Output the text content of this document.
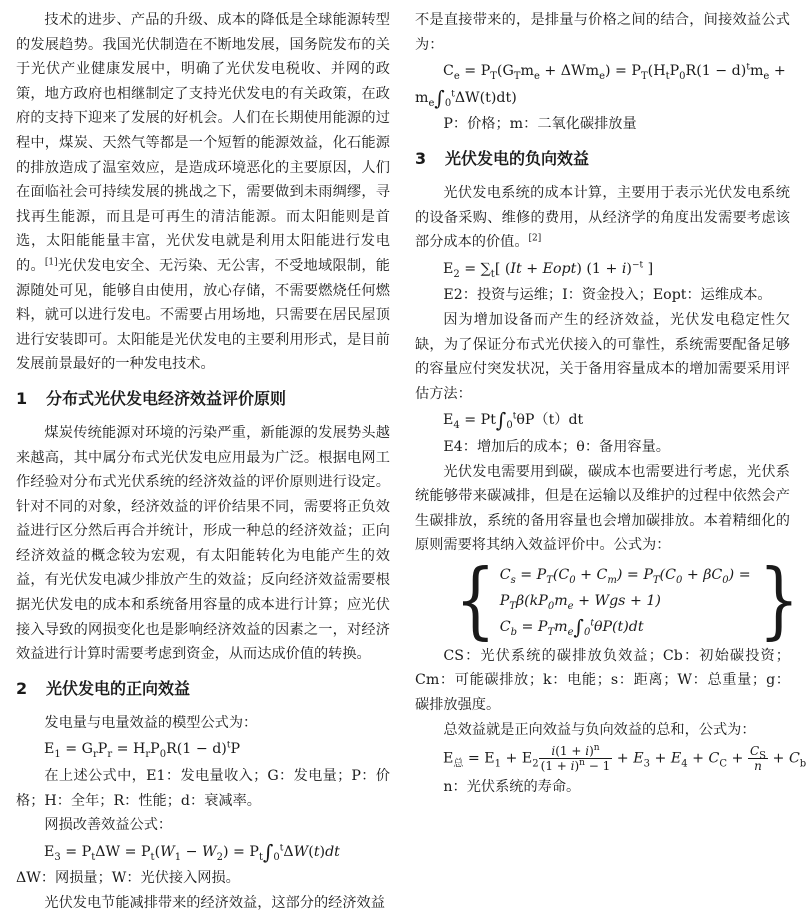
技术的进步、产品的升级、成本的降低是全球能源转型的发展趋势。我国光伏制造在不断地发展，国务院发布的关于光伏产业健康发展中，明确了光伏发电税收、并网的政策，地方政府也相继制定了支持光伏发电的有关政策，在政府的支持下迎来了发展的好机会。人们在长期使用能源的过程中，煤炭、天然气等都是一个短暂的能源效益，化石能源的排放造成了温室效应，是造成环境恶化的主要原因，人们在面临社会可持续发展的挑战之下，需要做到未雨绸缪，寻找再生能源，而且是可再生的清洁能源。而太阳能则是首选，太阳能能量丰富，光伏发电就是利用太阳能进行发电的。[1]光伏发电安全、无污染、无公害，不受地域限制，能源随处可见，能够自由使用，放心存储，不需要燃烧任何燃料，就可以进行发电。不需要占用场地，只需要在居民屋顶进行安装即可。太阳能是光伏发电的主要利用形式，是目前发展前景最好的一种发电技术。

1 分布式光伏发电经济效益评价原则

煤炭传统能源对环境的污染严重，新能源的发展势头越来越高，其中属分布式光伏发电应用最为广泛。根据电网工作经验对分布式光伏系统的经济效益的评价原则进行设定。针对不同的对象，经济效益的评价结果不同，需要将正负效益进行区分然后再合并统计，形成一种总的经济效益；正向经济效益的概念较为宏观，有太阳能转化为电能产生的效益，有光伏发电减少排放产生的效益；反向经济效益需要根据光伏发电的成本和系统备用容量的成本进行计算；应光伏接入导致的网损变化也是影响经济效益的因素之一，对经济效益进行计算时需要考虑到资金，从而达成价值的转换。

2 光伏发电的正向效益

发电量与电量效益的模型公式为：

$E_1 = G_rP_r = H_rP_0R(1 - d)^tP$

在上述公式中，E1：发电量收入；G：发电量；P：价格；H：全年；R：性能；d：衰减率。

网损改善效益公式：

$E_3 = P_t\Delta W = P_t(W_1 - W_2) = P_t\int_0^t\Delta W(t)dt$

ΔW：网损量；W：光伏接入网损。

光伏发电节能减排带来的经济效益，这部分的经济效益

不是直接带来的，是排量与价格之间的结合，间接效益公式为：

$C_e = P_T(G_Tm_e + \Delta Wm_e) = P_T(H_tP_0R(1 - d)^tm_e$ +
$m_e\int_0^t\Delta W(t)dt$)

P：价格；m：二氧化碳排放量

3 光伏发电的负向效益

光伏发电系统的成本计算，主要用于表示光伏发电系统的设备采购、维修的费用，从经济学的角度出发需要考虑该部分成本的价值。[2]

$E_2 = \sum_t$[ (It + Eopt) $(1 + i)^{-t}$ ]

E2：投资与运维；I：资金投入；Eopt：运维成本。

因为增加设备而产生的经济效益，光伏发电稳定性欠缺，为了保证分布式光伏接入的可靠性，系统需要配备足够的容量应付突发状况，关于备用容量成本的增加需要采用评估方法：

$E_4 = Pt\int_0^t\theta P(t)dt$

E4：增加后的成本；θ：备用容量。

光伏发电需要用到碳，碳成本也需要进行考虑，光伏系统能够带来碳减排，但是在运输以及维护的过程中依然会产生碳排放，系统的备用容量也会增加碳排放。本着精细化的原则需要将其纳入效益评价中。公式为：

{ $C_s = P_T(C_0 + C_m) = P_T(C_0 + \beta C_0)$ =
$P_T\beta(kP_0m_e$ + Wgs + 1)
$C_b = P_Tm_e\int_0^t\theta P(t)dt$	}

CS：光伏系统的碳排放负效益；Cb：初始碳投资；Cm：可能碳排放；k：电能；s：距离；W：总重量；g：碳排放强度。

总效益就是正向效益与负向效益的总和，公式为：

$E_总 = E_1 + E_2 \frac{i(1 + i)^n}{(1 + i)^n - 1} + E_3 + E_4 + C_C + \frac{C_S}{n} + C_b$

n：光伏系统的寿命。
